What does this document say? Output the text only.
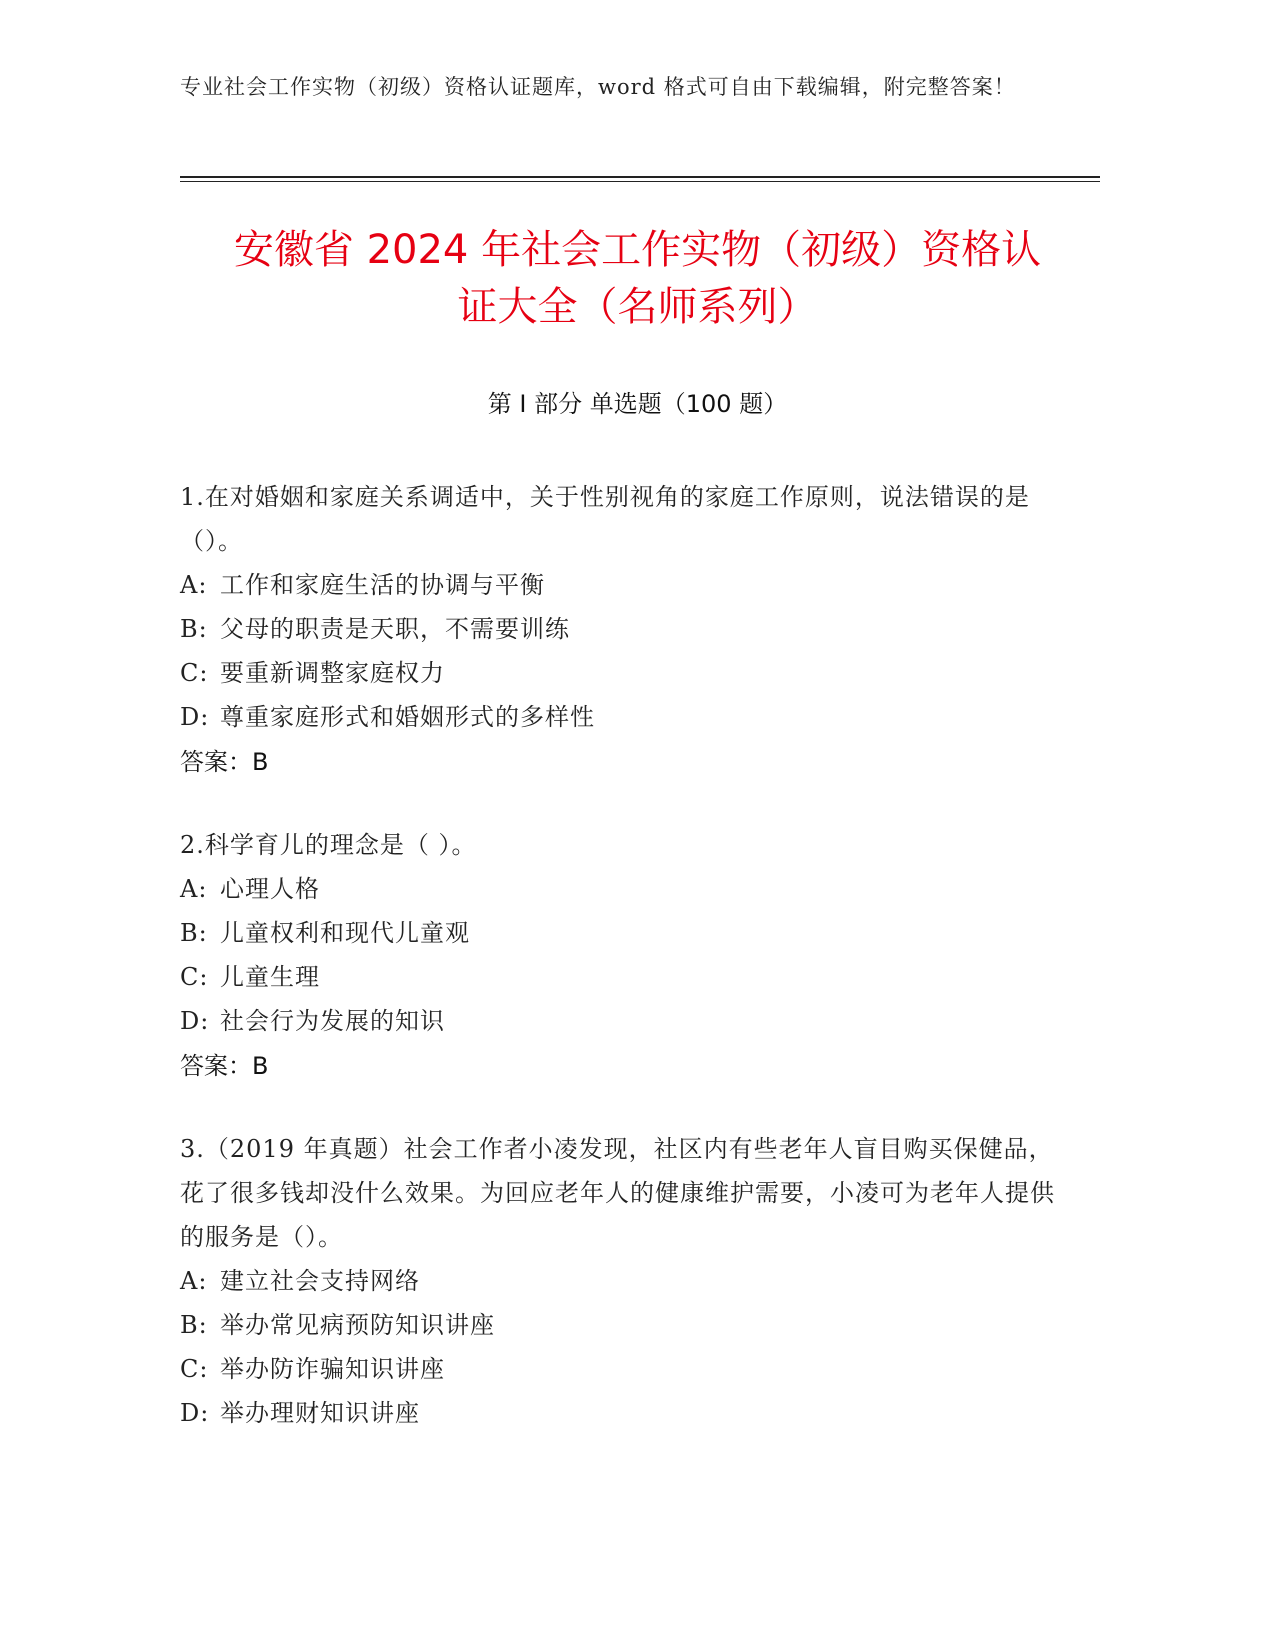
专业社会工作实物（初级）资格认证题库，word 格式可自由下载编辑，附完整答案！
安徽省 2024 年社会工作实物（初级）资格认
证大全（名师系列）
第 I 部分 单选题（100 题）
1.在对婚姻和家庭关系调适中，关于性别视角的家庭工作原则，说法错误的是（）。
A: 工作和家庭生活的协调与平衡
B: 父母的职责是天职，不需要训练
C: 要重新调整家庭权力
D: 尊重家庭形式和婚姻形式的多样性
答案：B
2.科学育儿的理念是（ ）。
A: 心理人格
B: 儿童权利和现代儿童观
C: 儿童生理
D: 社会行为发展的知识
答案：B
3.（2019 年真题）社会工作者小凌发现，社区内有些老年人盲目购买保健品，花了很多钱却没什么效果。为回应老年人的健康维护需要，小凌可为老年人提供的服务是（）。
A: 建立社会支持网络
B: 举办常见病预防知识讲座
C: 举办防诈骗知识讲座
D: 举办理财知识讲座
